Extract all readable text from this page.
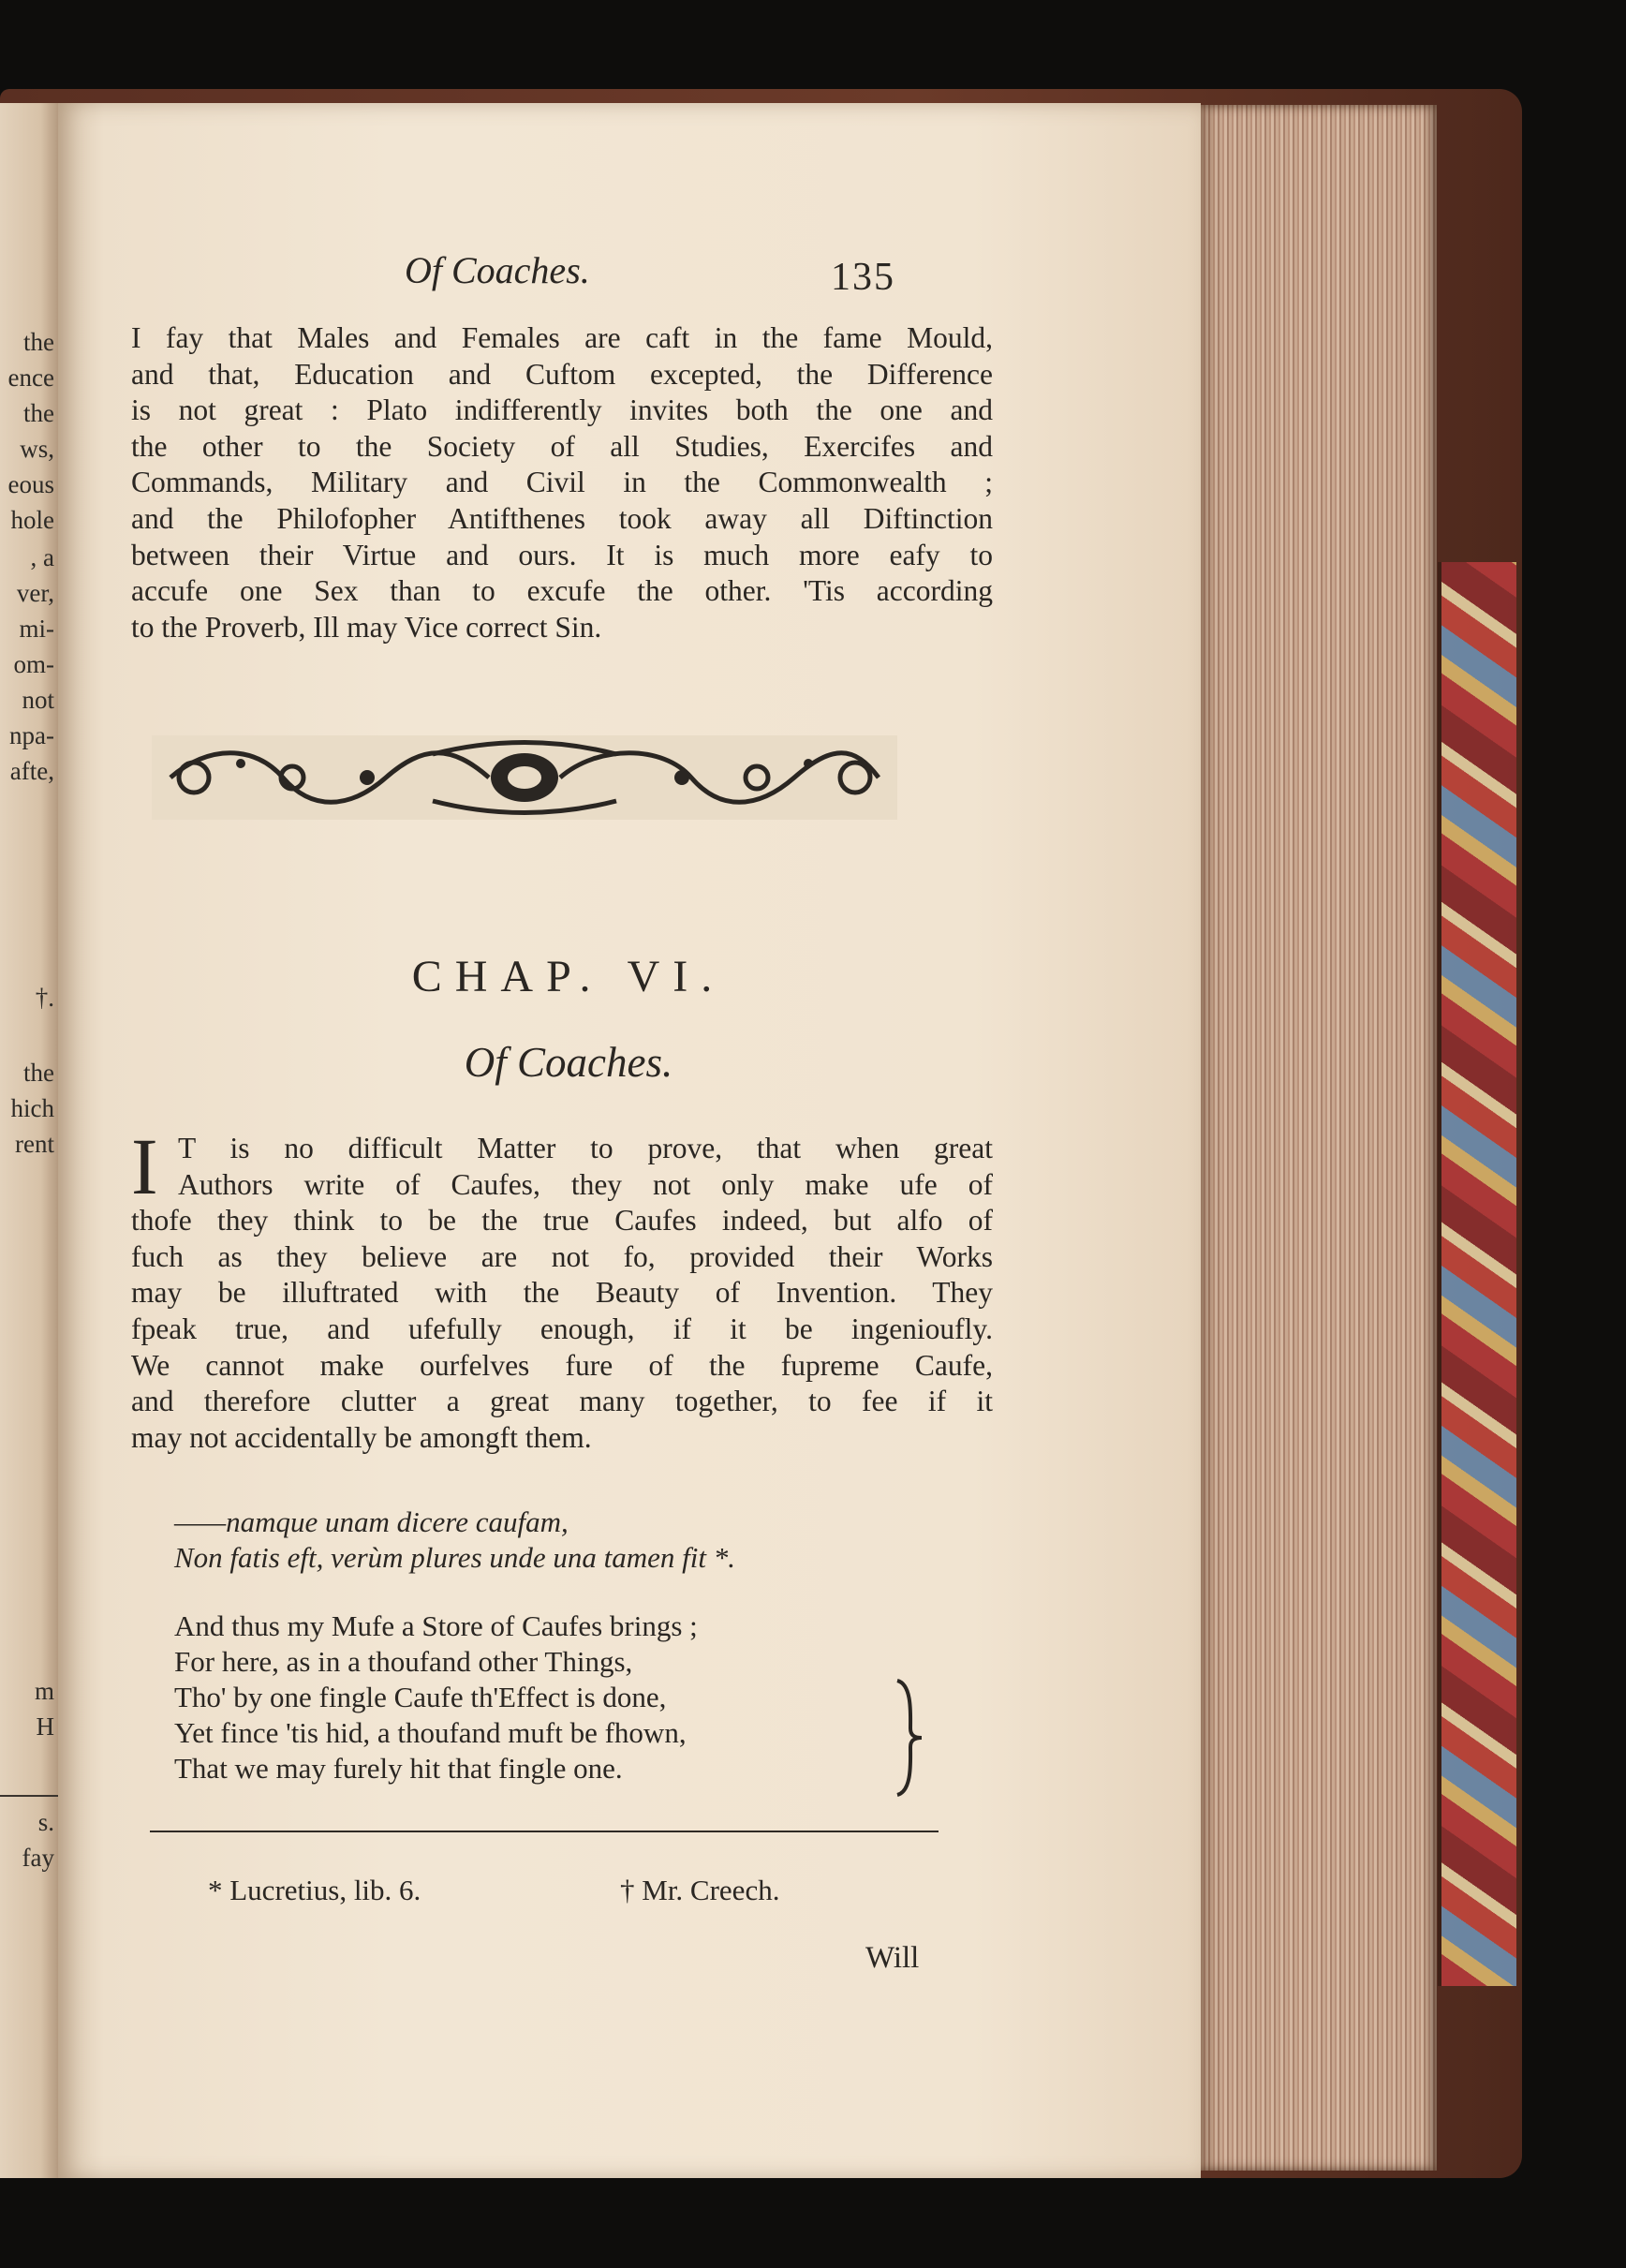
the
ence
the
ws,
eous
hole
, a
ver,
mi-
om-
not
npa-
afte,
†.
the
hich
rent
m
H
s.
fay
Of Coaches.	135
I fay that Males and Females are caft in the fame Mould,
and that, Education and Cuftom excepted, the Difference
is not great : Plato indifferently invites both the one and
the other to the Society of all Studies, Exercifes and
Commands, Military and Civil in the Commonwealth ;
and the Philofopher Antifthenes took away all Diftinction
between their Virtue and ours. It is much more eafy to
accufe one Sex than to excufe the other. 'Tis according
to the Proverb, Ill may Vice correct Sin.
CHAP. VI.
Of Coaches.
I T is no difficult Matter to prove, that when great
Authors write of Caufes, they not only make ufe of
thofe they think to be the true Caufes indeed, but alfo of
fuch as they believe are not fo, provided their Works
may be illuftrated with the Beauty of Invention. They
fpeak true, and ufefully enough, if it be ingenioufly.
We cannot make ourfelves fure of the fupreme Caufe,
and therefore clutter a great many together, to fee if it
may not accidentally be amongft them.
——namque unam dicere caufam,
Non fatis eft, verùm plures unde una tamen fit *.
And thus my Mufe a Store of Caufes brings ;
For here, as in a thoufand other Things,
Tho' by one fingle Caufe th'Effect is done,
Yet fince 'tis hid, a thoufand muft be fhown,
That we may furely hit that fingle one.
* Lucretius, lib. 6.	† Mr. Creech.
Will
